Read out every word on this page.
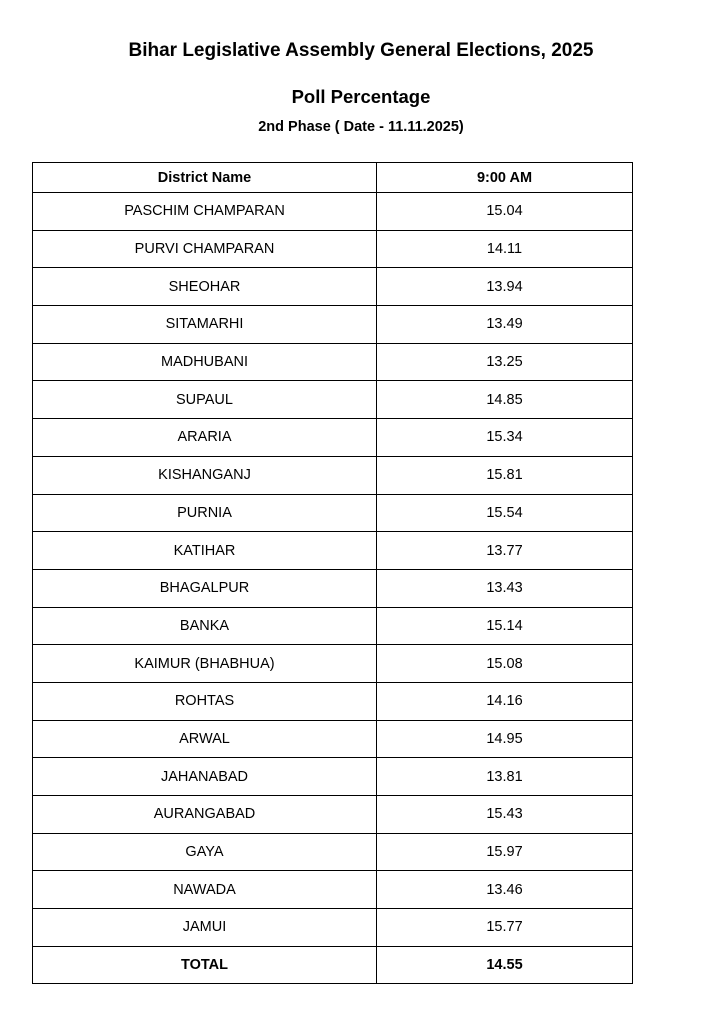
Bihar Legislative Assembly General Elections, 2025
Poll Percentage
2nd Phase ( Date - 11.11.2025)
District Name	9:00 AM
PASCHIM CHAMPARAN	15.04
PURVI CHAMPARAN	14.11
SHEOHAR	13.94
SITAMARHI	13.49
MADHUBANI	13.25
SUPAUL	14.85
ARARIA	15.34
KISHANGANJ	15.81
PURNIA	15.54
KATIHAR	13.77
BHAGALPUR	13.43
BANKA	15.14
KAIMUR (BHABHUA)	15.08
ROHTAS	14.16
ARWAL	14.95
JAHANABAD	13.81
AURANGABAD	15.43
GAYA	15.97
NAWADA	13.46
JAMUI	15.77
TOTAL	14.55
